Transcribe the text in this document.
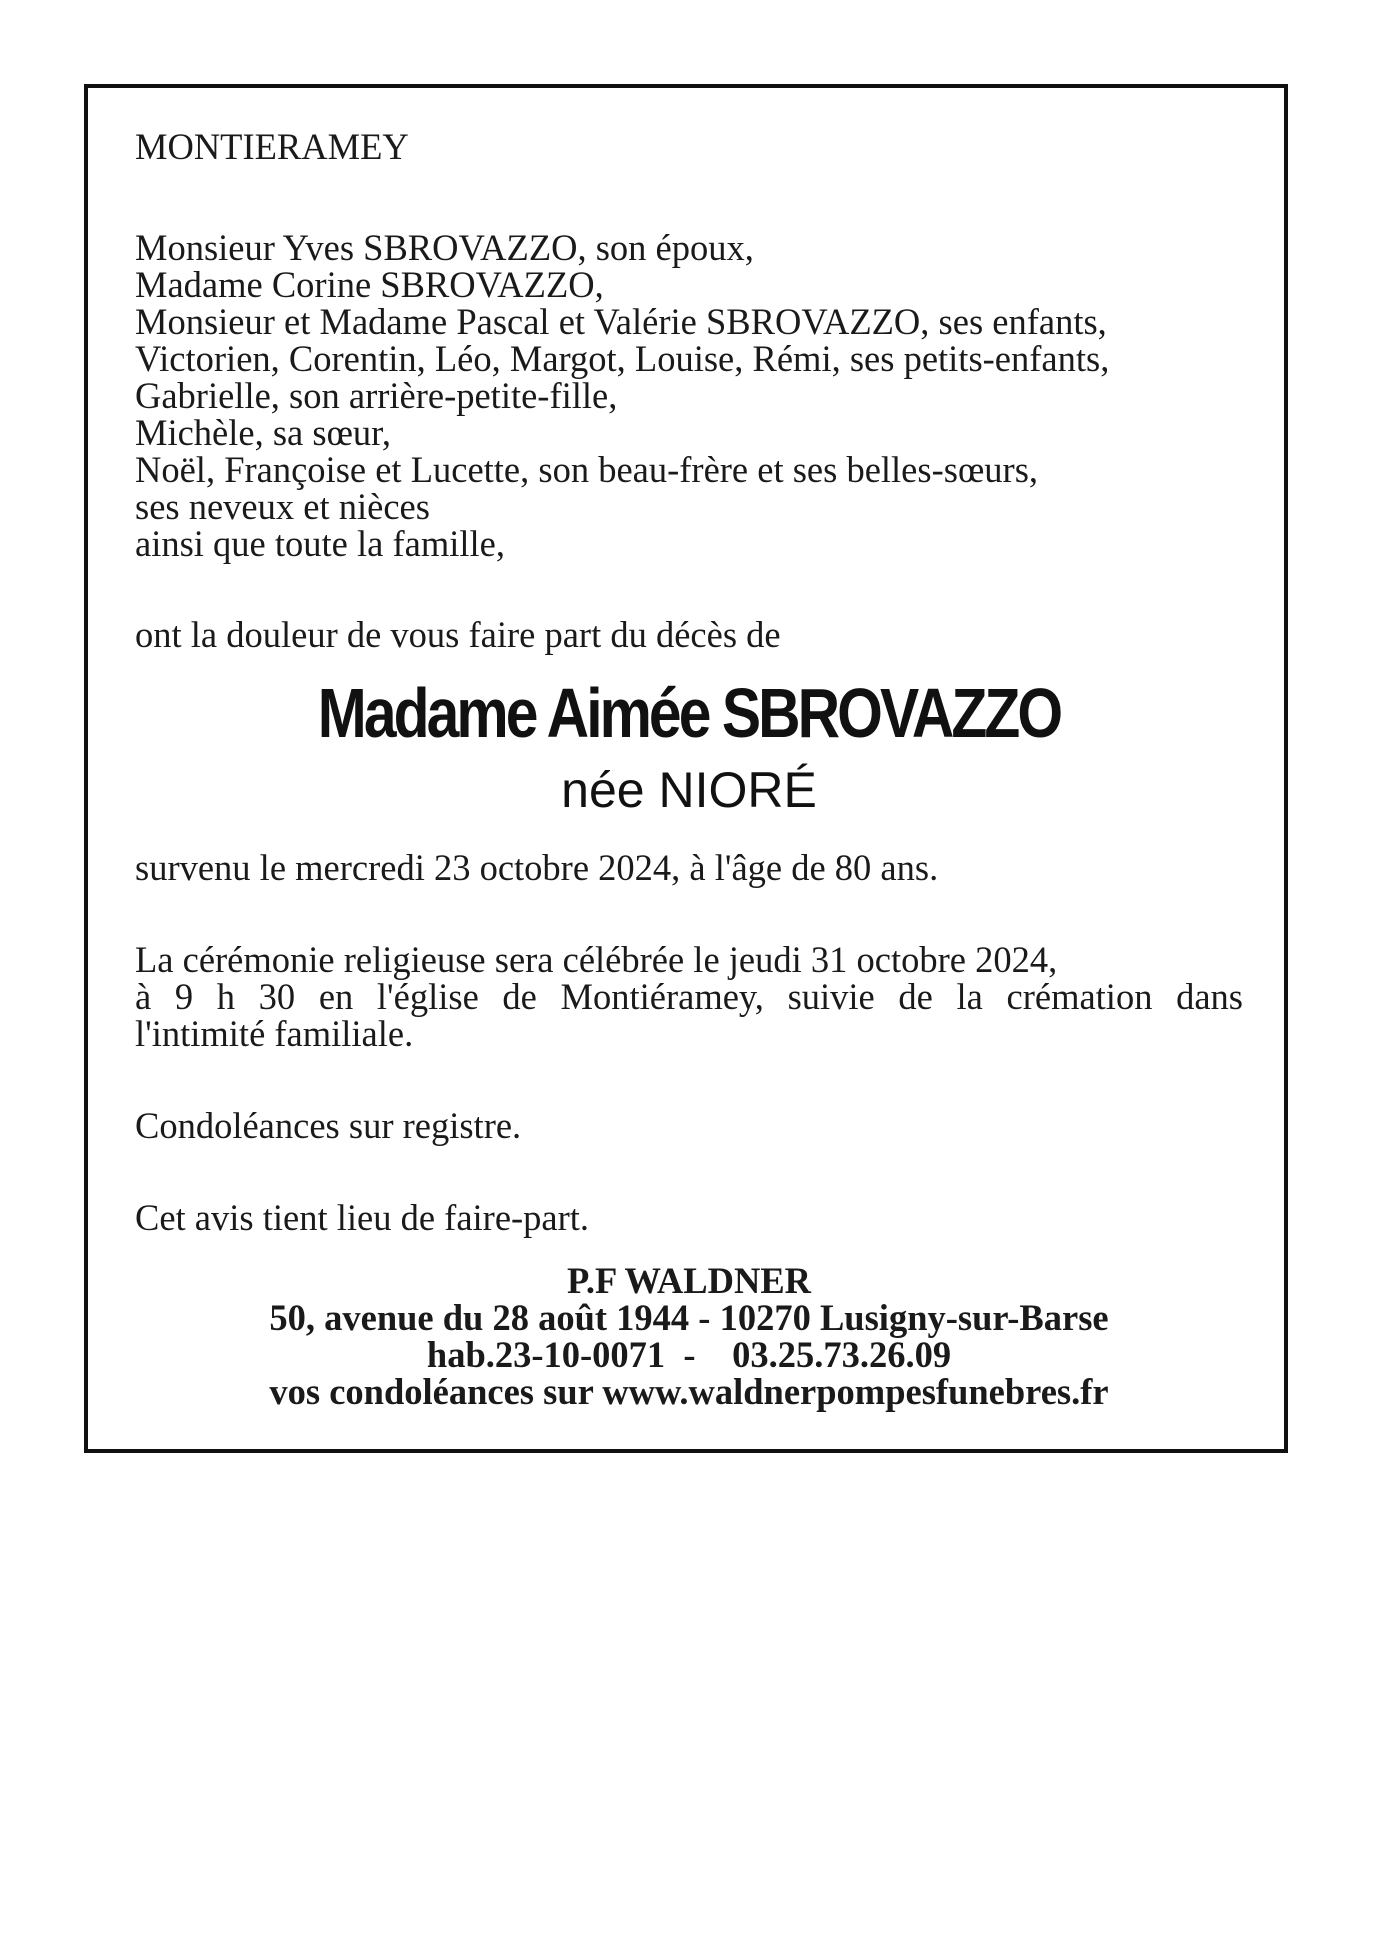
MONTIERAMEY

Monsieur Yves SBROVAZZO, son époux,
Madame Corine SBROVAZZO,
Monsieur et Madame Pascal et Valérie SBROVAZZO, ses enfants,
Victorien, Corentin, Léo, Margot, Louise, Rémi, ses petits-enfants,
Gabrielle, son arrière-petite-fille,
Michèle, sa sœur,
Noël, Françoise et Lucette, son beau-frère et ses belles-sœurs,
ses neveux et nièces
ainsi que toute la famille,

ont la douleur de vous faire part du décès de

Madame Aimée SBROVAZZO

née NIORÉ

survenu le mercredi 23 octobre 2024, à l'âge de 80 ans.

La cérémonie religieuse sera célébrée le jeudi 31 octobre 2024,
à 9 h 30 en l'église de Montiéramey, suivie de la crémation dans
l'intimité familiale.

Condoléances sur registre.

Cet avis tient lieu de faire-part.

P.F WALDNER
50, avenue du 28 août 1944 - 10270 Lusigny-sur-Barse
hab.23-10-0071  -    03.25.73.26.09
vos condoléances sur www.waldnerpompesfunebres.fr
